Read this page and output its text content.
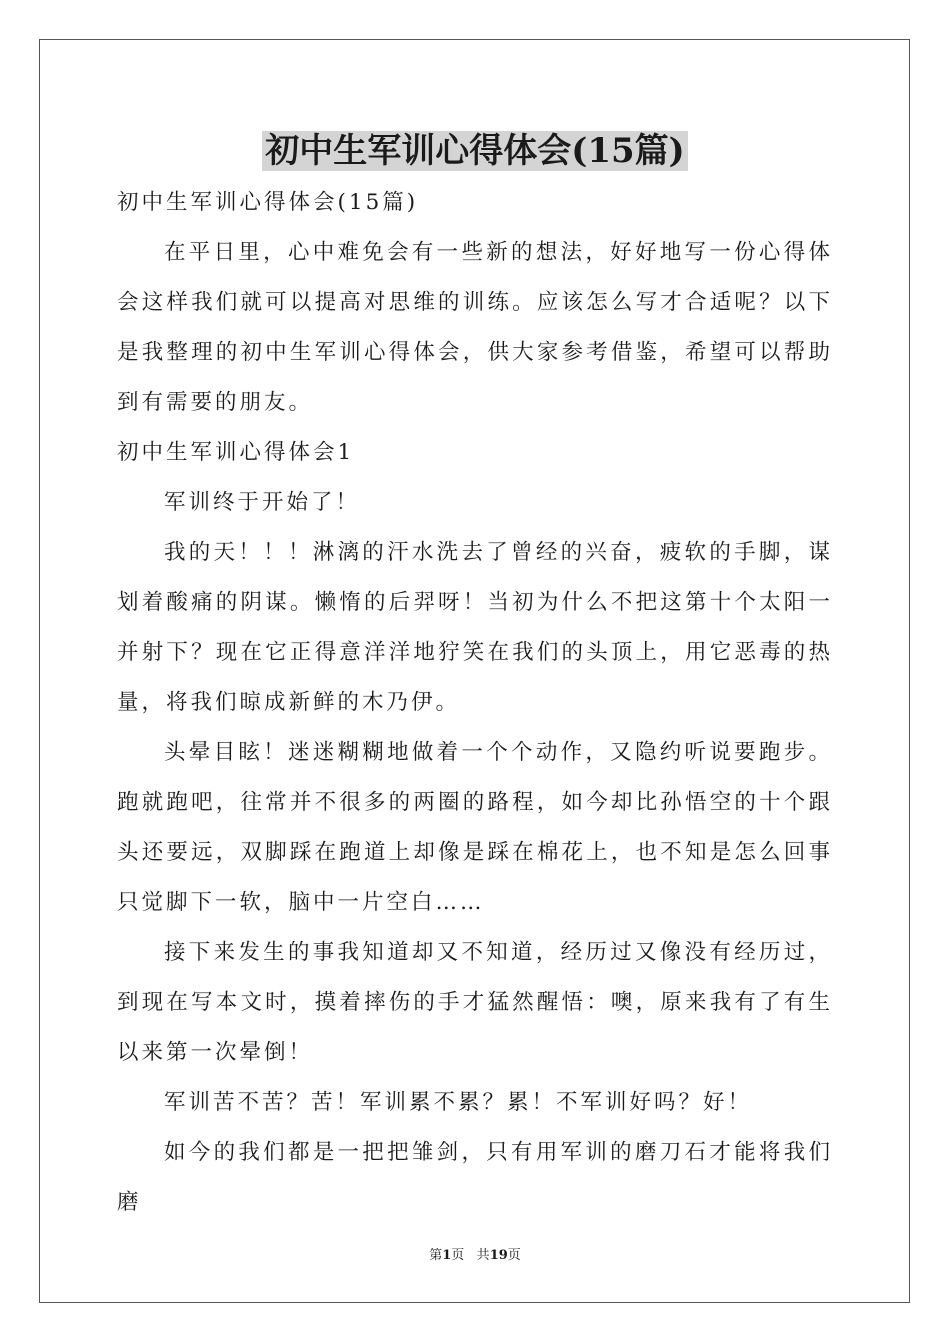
初中生军训心得体会(15篇)

初中生军训心得体会(15篇)

在平日里，心中难免会有一些新的想法，好好地写一份心得体会这样我们就可以提高对思维的训练。应该怎么写才合适呢？以下是我整理的初中生军训心得体会，供大家参考借鉴，希望可以帮助到有需要的朋友。

初中生军训心得体会1

军训终于开始了！

我的天！！！淋漓的汗水洗去了曾经的兴奋，疲软的手脚，谋划着酸痛的阴谋。懒惰的后羿呀！当初为什么不把这第十个太阳一并射下？现在它正得意洋洋地狞笑在我们的头顶上，用它恶毒的热量，将我们晾成新鲜的木乃伊。

头晕目眩！迷迷糊糊地做着一个个动作，又隐约听说要跑步。跑就跑吧，往常并不很多的两圈的路程，如今却比孙悟空的十个跟头还要远，双脚踩在跑道上却像是踩在棉花上，也不知是怎么回事只觉脚下一软，脑中一片空白……

接下来发生的事我知道却又不知道，经历过又像没有经历过，到现在写本文时，摸着摔伤的手才猛然醒悟：噢，原来我有了有生以来第一次晕倒！

军训苦不苦？苦！军训累不累？累！不军训好吗？好！

如今的我们都是一把把雏剑，只有用军训的磨刀石才能将我们磨

第1页 共19页
